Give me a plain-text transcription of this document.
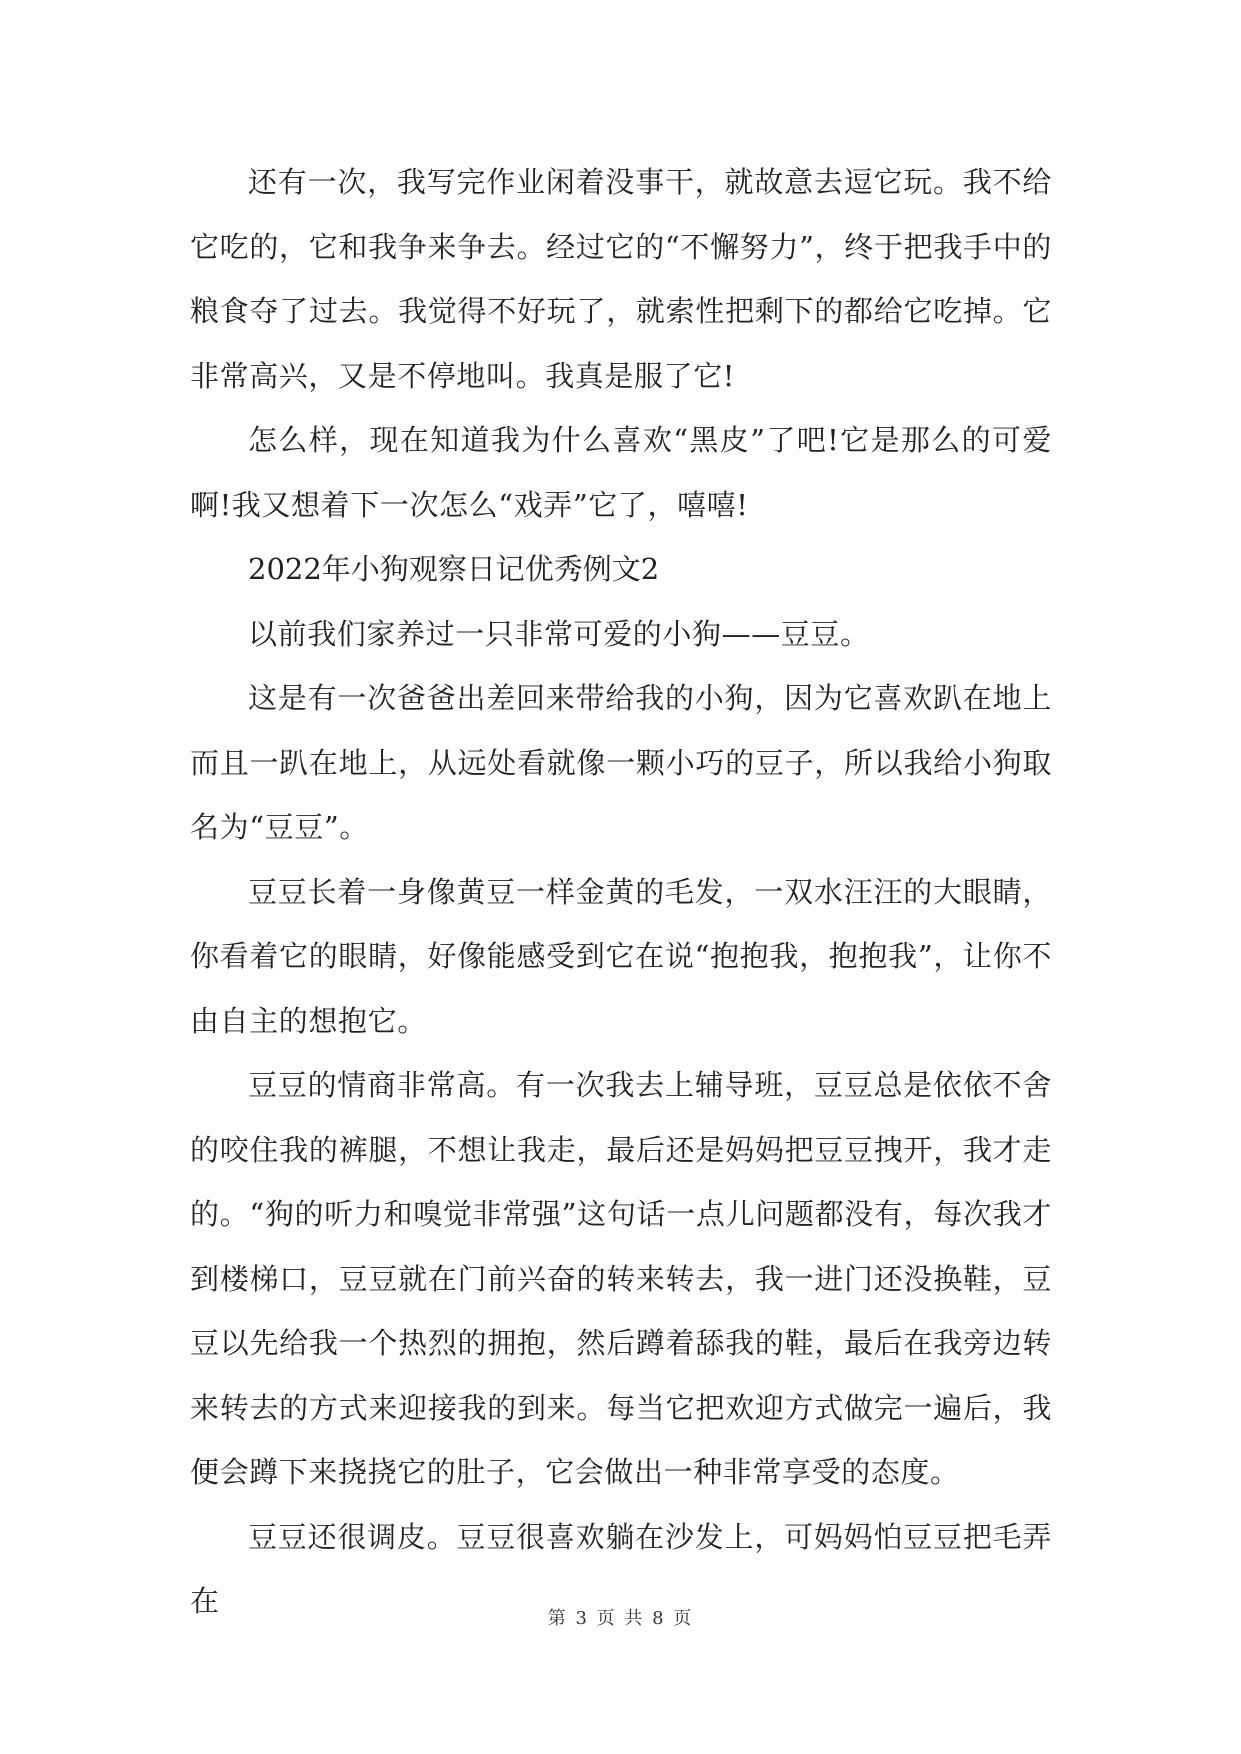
还有一次，我写完作业闲着没事干，就故意去逗它玩。我不给它吃的，它和我争来争去。经过它的“不懈努力”，终于把我手中的粮食夺了过去。我觉得不好玩了，就索性把剩下的都给它吃掉。它非常高兴，又是不停地叫。我真是服了它!

怎么样，现在知道我为什么喜欢“黑皮”了吧!它是那么的可爱啊!我又想着下一次怎么“戏弄”它了，嘻嘻!

2022年小狗观察日记优秀例文2

以前我们家养过一只非常可爱的小狗——豆豆。

这是有一次爸爸出差回来带给我的小狗，因为它喜欢趴在地上而且一趴在地上，从远处看就像一颗小巧的豆子，所以我给小狗取名为“豆豆”。

豆豆长着一身像黄豆一样金黄的毛发，一双水汪汪的大眼睛，你看着它的眼睛，好像能感受到它在说“抱抱我，抱抱我”，让你不由自主的想抱它。

豆豆的情商非常高。有一次我去上辅导班，豆豆总是依依不舍的咬住我的裤腿，不想让我走，最后还是妈妈把豆豆拽开，我才走的。“狗的听力和嗅觉非常强”这句话一点儿问题都没有，每次我才到楼梯口，豆豆就在门前兴奋的转来转去，我一进门还没换鞋，豆豆以先给我一个热烈的拥抱，然后蹲着舔我的鞋，最后在我旁边转来转去的方式来迎接我的到来。每当它把欢迎方式做完一遍后，我便会蹲下来挠挠它的肚子，它会做出一种非常享受的态度。

豆豆还很调皮。豆豆很喜欢躺在沙发上，可妈妈怕豆豆把毛弄在

第 3 页 共 8 页
